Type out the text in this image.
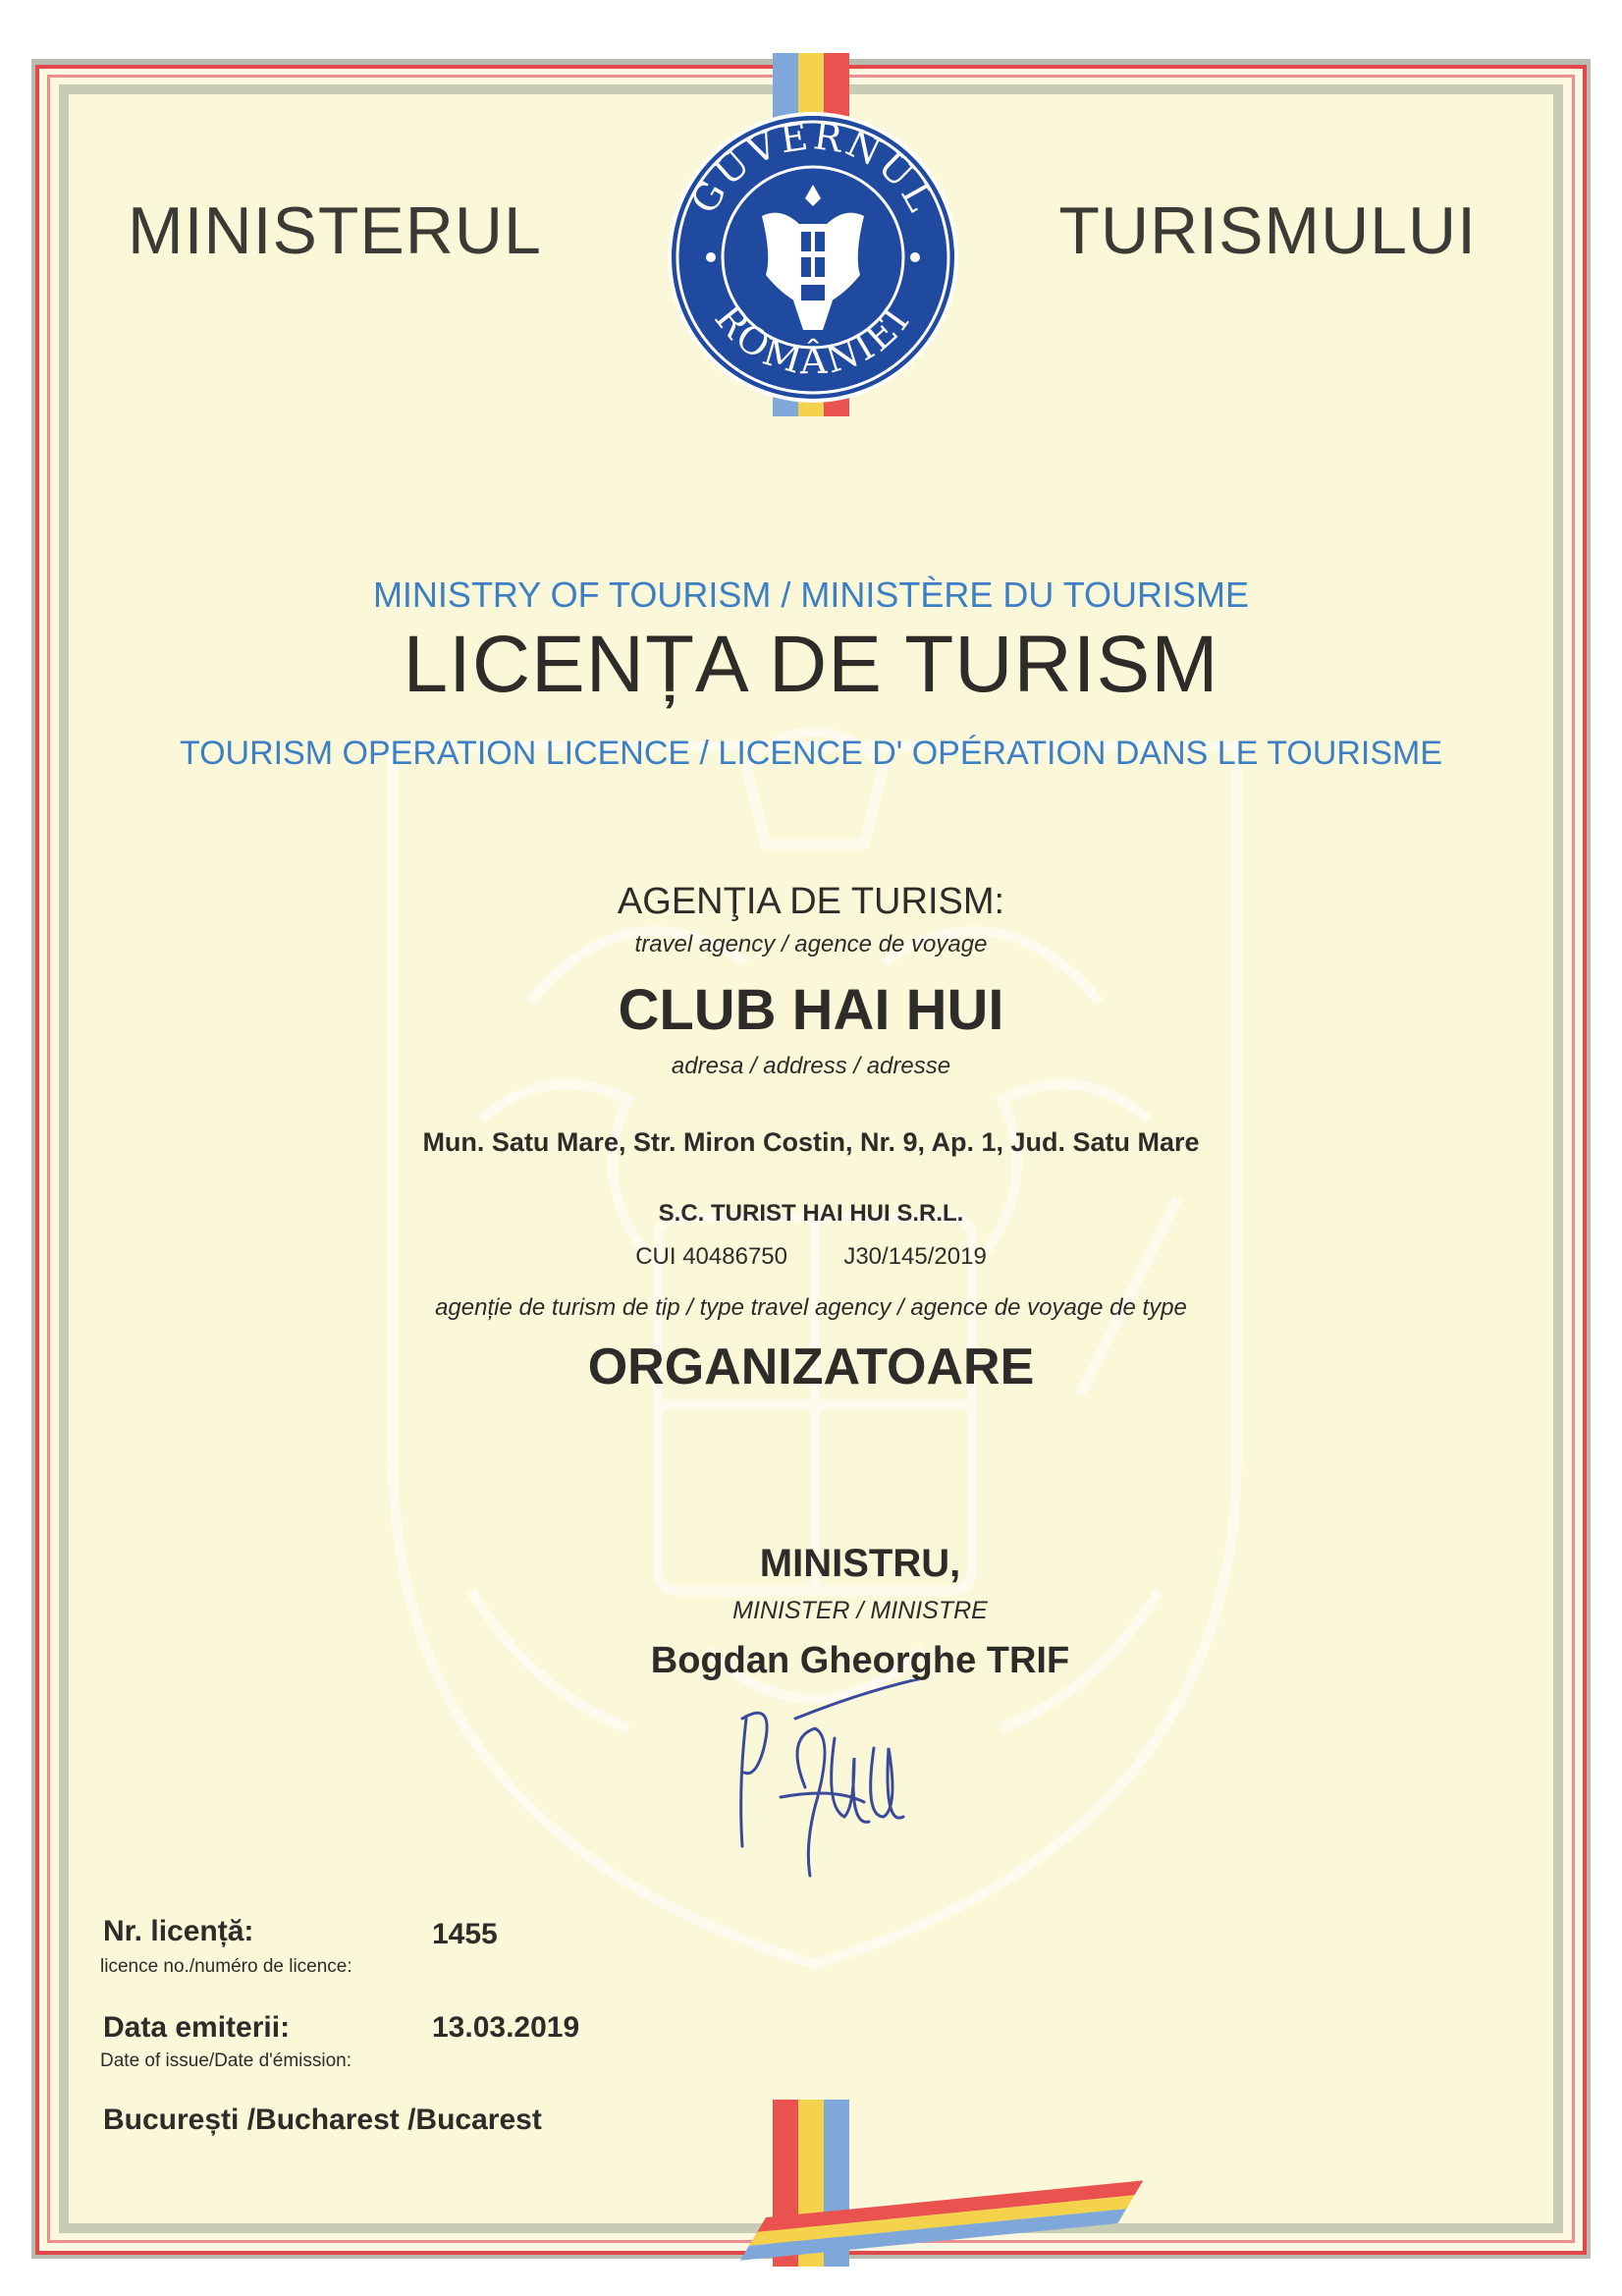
GUVERNUL
ROMÂNIEI
MINISTERUL	TURISMULUI
MINISTRY OF TOURISM / MINISTÈRE DU TOURISME
LICENȚA DE TURISM
TOURISM OPERATION LICENCE / LICENCE D' OPÉRATION DANS LE TOURISME
AGENŢIA DE TURISM:
travel agency / agence de voyage
CLUB HAI HUI
adresa / address / adresse
Mun. Satu Mare, Str. Miron Costin, Nr. 9, Ap. 1, Jud. Satu Mare
S.C. TURIST HAI HUI S.R.L.
CUI 40486750 J30/145/2019
agenție de turism de tip / type travel agency / agence de voyage de type
ORGANIZATOARE
MINISTRU,
MINISTER / MINISTRE
Bogdan Gheorghe TRIF
Nr. licență:
licence no./numéro de licence:
1455
Data emiterii:
Date of issue/Date d'émission:
13.03.2019
București /Bucharest /Bucarest
